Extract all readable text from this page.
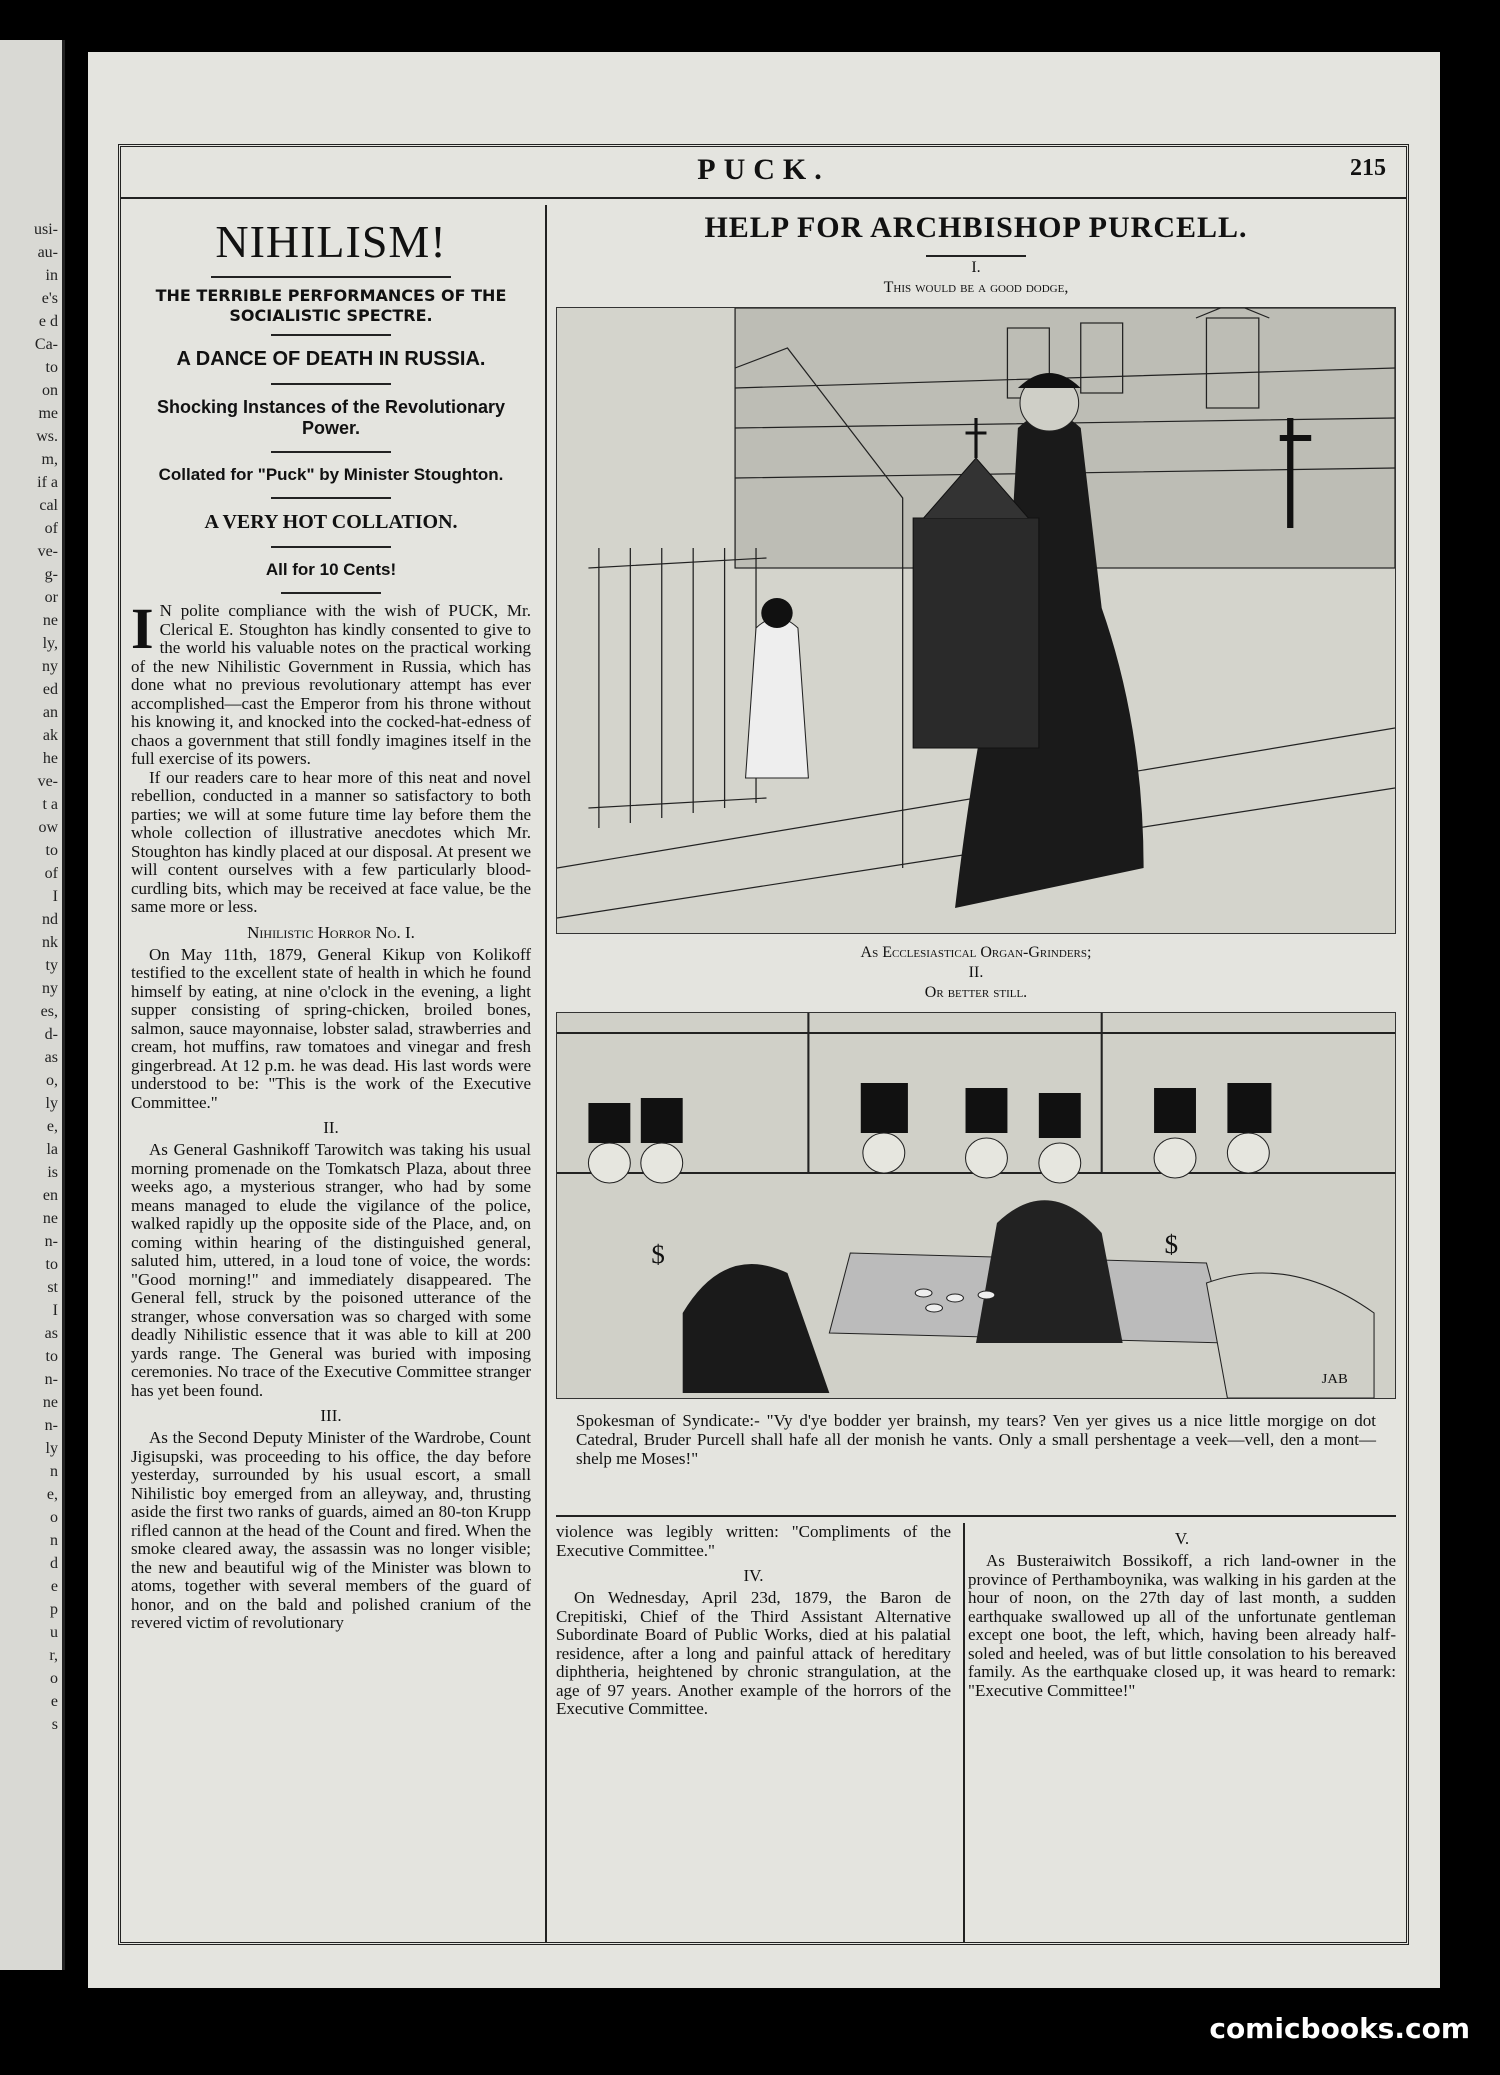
usi-
au-
in
e's
e d
Ca-
to
on
me
ws.
m,
if a
cal
of
ve-
g-
or
ne
ly,
ny
ed
an
ak
he
ve-
t a
ow
to
of
I
nd
nk
ty
ny
es,
d-
as
o,
ly
e,
la
is
en
ne
n-
to
st
I
as
to
n-
ne
n-
ly
n
e,
o
n
d
e
p
u
r,
o
e
s
PUCK.	215
NIHILISM!
THE TERRIBLE PERFORMANCES OF THE SOCIALISTIC SPECTRE.
A DANCE OF DEATH IN RUSSIA.
Shocking Instances of the Revolutionary Power.
Collated for "Puck" by Minister Stoughton.
A VERY HOT COLLATION.
All for 10 Cents!

I N polite compliance with the wish of PUCK, Mr. Clerical E. Stoughton has kindly consented to give to the world his valuable notes on the practical working of the new Nihilistic Government in Russia, which has done what no previous revolutionary attempt has ever accomplished—cast the Emperor from his throne without his knowing it, and knocked into the cocked-hat-edness of chaos a government that still fondly imagines itself in the full exercise of its powers.

If our readers care to hear more of this neat and novel rebellion, conducted in a manner so satisfactory to both parties; we will at some future time lay before them the whole collection of illustrative anecdotes which Mr. Stoughton has kindly placed at our disposal. At present we will content ourselves with a few particularly blood-curdling bits, which may be received at face value, be the same more or less.

Nihilistic Horror No. I.

On May 11th, 1879, General Kikup von Kolikoff testified to the excellent state of health in which he found himself by eating, at nine o'clock in the evening, a light supper consisting of spring-chicken, broiled bones, salmon, sauce mayonnaise, lobster salad, strawberries and cream, hot muffins, raw tomatoes and vinegar and fresh gingerbread. At 12 p.m. he was dead. His last words were understood to be: "This is the work of the Executive Committee."

II.

As General Gashnikoff Tarowitch was taking his usual morning promenade on the Tomkatsch Plaza, about three weeks ago, a mysterious stranger, who had by some means managed to elude the vigilance of the police, walked rapidly up the opposite side of the Place, and, on coming within hearing of the distinguished general, saluted him, uttered, in a loud tone of voice, the words: "Good morning!" and immediately disappeared. The General fell, struck by the poisoned utterance of the stranger, whose conversation was so charged with some deadly Nihilistic essence that it was able to kill at 200 yards range. The General was buried with imposing ceremonies. No trace of the Executive Committee stranger has yet been found.

III.

As the Second Deputy Minister of the Wardrobe, Count Jigisupski, was proceeding to his office, the day before yesterday, surrounded by his usual escort, a small Nihilistic boy emerged from an alleyway, and, thrusting aside the first two ranks of guards, aimed an 80-ton Krupp rifled cannon at the head of the Count and fired. When the smoke cleared away, the assassin was no longer visible; the new and beautiful wig of the Minister was blown to atoms, together with several members of the guard of honor, and on the bald and polished cranium of the revered victim of revolutionary

HELP FOR ARCHBISHOP PURCELL.
I.
This would be a good dodge,
As Ecclesiastical Organ-Grinders;
II.
Or better still.
$	$
JAB

Spokesman of Syndicate:- "Vy d'ye bodder yer brainsh, my tears? Ven yer gives us a nice little morgige on dot Catedral, Bruder Purcell shall hafe all der monish he vants. Only a small pershentage a veek—vell, den a mont—shelp me Moses!"

violence was legibly written: "Compliments of the Executive Committee."

IV.

On Wednesday, April 23d, 1879, the Baron de Crepitiski, Chief of the Third Assistant Alternative Subordinate Board of Public Works, died at his palatial residence, after a long and painful attack of hereditary diphtheria, heightened by chronic strangulation, at the age of 97 years. Another example of the horrors of the Executive Committee.

V.

As Busteraiwitch Bossikoff, a rich land-owner in the province of Perthamboynika, was walking in his garden at the hour of noon, on the 27th day of last month, a sudden earthquake swallowed up all of the unfortunate gentleman except one boot, the left, which, having been already half-soled and heeled, was of but little consolation to his bereaved family. As the earthquake closed up, it was heard to remark: "Executive Committee!"

comicbooks.com
